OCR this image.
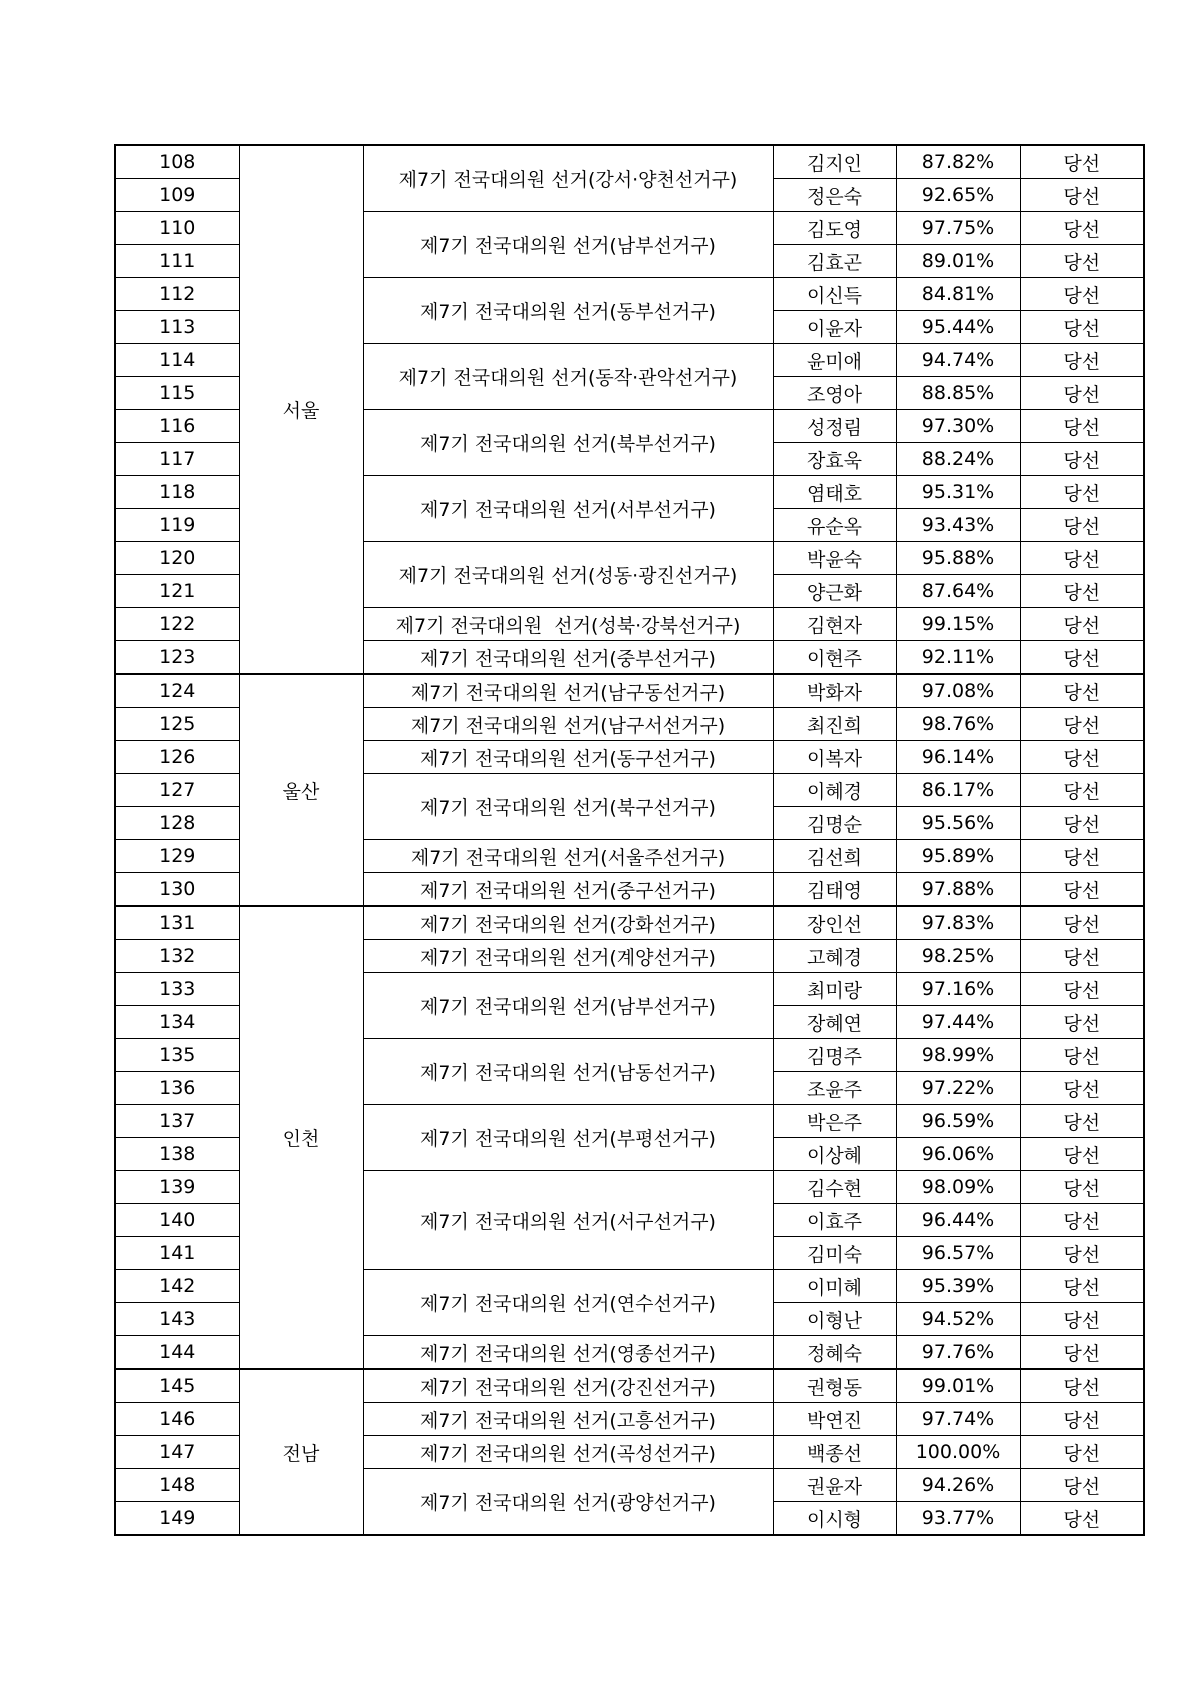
108	서울	제7기 전국대의원 선거(강서·양천선거구)	김지인	87.82%	당선
109			정은숙	92.65%	당선
110		제7기 전국대의원 선거(남부선거구)	김도영	97.75%	당선
111			김효곤	89.01%	당선
112		제7기 전국대의원 선거(동부선거구)	이신득	84.81%	당선
113			이윤자	95.44%	당선
114		제7기 전국대의원 선거(동작·관악선거구)	윤미애	94.74%	당선
115			조영아	88.85%	당선
116		제7기 전국대의원 선거(북부선거구)	성정림	97.30%	당선
117			장효욱	88.24%	당선
118		제7기 전국대의원 선거(서부선거구)	염태호	95.31%	당선
119			유순옥	93.43%	당선
120		제7기 전국대의원 선거(성동·광진선거구)	박윤숙	95.88%	당선
121			양근화	87.64%	당선
122		제7기 전국대의원  선거(성북·강북선거구)	김현자	99.15%	당선
123		제7기 전국대의원 선거(중부선거구)	이현주	92.11%	당선
124	울산	제7기 전국대의원 선거(남구동선거구)	박화자	97.08%	당선
125		제7기 전국대의원 선거(남구서선거구)	최진희	98.76%	당선
126		제7기 전국대의원 선거(동구선거구)	이복자	96.14%	당선
127		제7기 전국대의원 선거(북구선거구)	이혜경	86.17%	당선
128			김명순	95.56%	당선
129		제7기 전국대의원 선거(서울주선거구)	김선희	95.89%	당선
130		제7기 전국대의원 선거(중구선거구)	김태영	97.88%	당선
131	인천	제7기 전국대의원 선거(강화선거구)	장인선	97.83%	당선
132		제7기 전국대의원 선거(계양선거구)	고혜경	98.25%	당선
133		제7기 전국대의원 선거(남부선거구)	최미랑	97.16%	당선
134			장혜연	97.44%	당선
135		제7기 전국대의원 선거(남동선거구)	김명주	98.99%	당선
136			조윤주	97.22%	당선
137		제7기 전국대의원 선거(부평선거구)	박은주	96.59%	당선
138			이상혜	96.06%	당선
139		제7기 전국대의원 선거(서구선거구)	김수현	98.09%	당선
140			이효주	96.44%	당선
141			김미숙	96.57%	당선
142		제7기 전국대의원 선거(연수선거구)	이미혜	95.39%	당선
143			이형난	94.52%	당선
144		제7기 전국대의원 선거(영종선거구)	정혜숙	97.76%	당선
145	전남	제7기 전국대의원 선거(강진선거구)	권형동	99.01%	당선
146		제7기 전국대의원 선거(고흥선거구)	박연진	97.74%	당선
147		제7기 전국대의원 선거(곡성선거구)	백종선	100.00%	당선
148		제7기 전국대의원 선거(광양선거구)	권윤자	94.26%	당선
149			이시형	93.77%	당선
